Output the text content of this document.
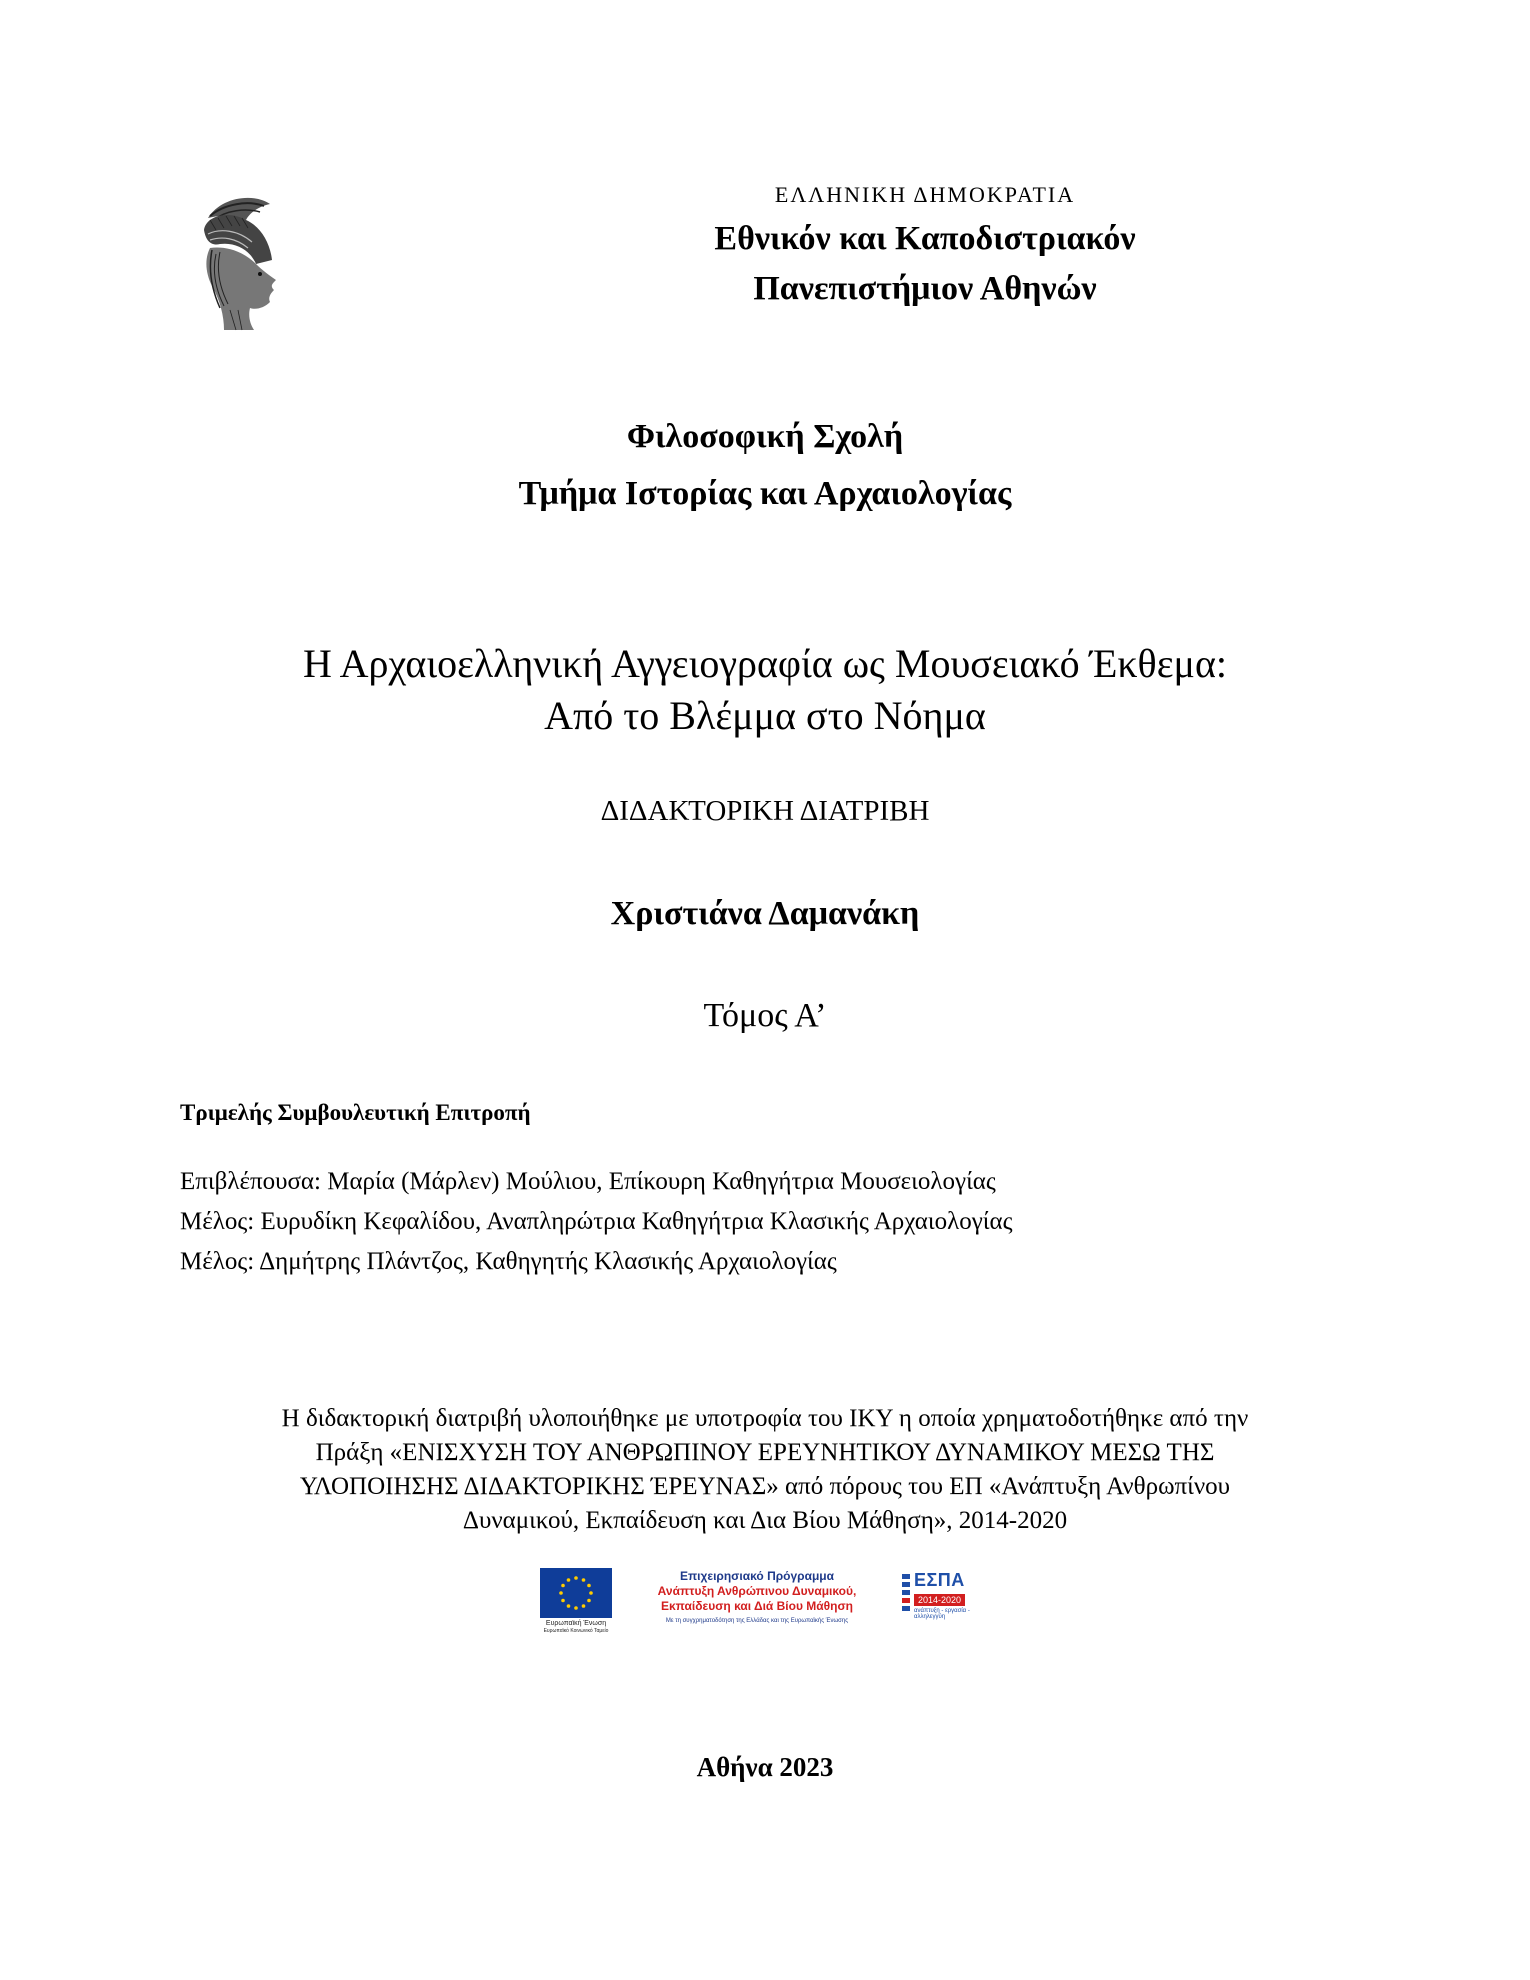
ΕΛΛΗΝΙΚΗ ΔΗΜΟΚΡΑΤΙΑ
Εθνικόν και Καποδιστριακόν
Πανεπιστήμιον Αθηνών
Φιλοσοφική Σχολή
Τμήμα Ιστορίας και Αρχαιολογίας
Η Αρχαιοελληνική Αγγειογραφία ως Μουσειακό Έκθεμα:
Από το Βλέμμα στο Νόημα
ΔΙΔΑΚΤΟΡΙΚΗ ΔΙΑΤΡΙΒΗ
Χριστιάνα Δαμανάκη
Τόμος Α’
Τριμελής Συμβουλευτική Επιτροπή
Επιβλέπουσα: Μαρία (Μάρλεν) Μούλιου, Επίκουρη Καθηγήτρια Μουσειολογίας
Μέλος: Ευρυδίκη Κεφαλίδου, Αναπληρώτρια Καθηγήτρια Κλασικής Αρχαιολογίας
Μέλος: Δημήτρης Πλάντζος, Καθηγητής Κλασικής Αρχαιολογίας
Η διδακτορική διατριβή υλοποιήθηκε με υποτροφία του ΙΚΥ η οποία χρηματοδοτήθηκε από την
Πράξη «ΕΝΙΣΧΥΣΗ ΤΟΥ ΑΝΘΡΩΠΙΝΟΥ ΕΡΕΥΝΗΤΙΚΟΥ ΔΥΝΑΜΙΚΟΥ ΜΕΣΩ ΤΗΣ
ΥΛΟΠΟΙΗΣΗΣ ΔΙΔΑΚΤΟΡΙΚΗΣ ΈΡΕΥΝΑΣ» από πόρους του ΕΠ «Ανάπτυξη Ανθρωπίνου
Δυναμικού, Εκπαίδευση και Δια Βίου Μάθηση», 2014-2020
Ευρωπαϊκή Ένωση
Ευρωπαϊκό Κοινωνικό Ταμείο
Επιχειρησιακό Πρόγραμμα
Ανάπτυξη Ανθρώπινου Δυναμικού,
Εκπαίδευση και Διά Βίου Μάθηση
Με τη συγχρηματοδότηση της Ελλάδας και της Ευρωπαϊκής Ένωσης
ΕΣΠΑ
2014-2020
ανάπτυξη - εργασία - αλληλεγγύη
Αθήνα 2023
